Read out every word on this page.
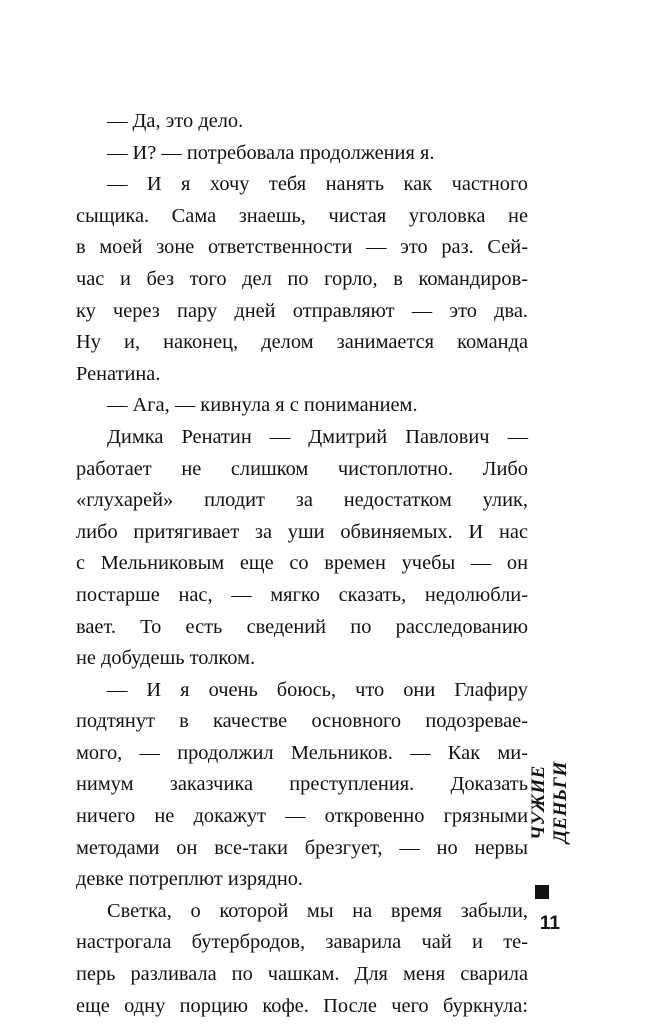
— Да, это дело.
— И? — потребовала продолжения я.
— И я хочу тебя нанять как частного
сыщика. Сама знаешь, чистая уголовка не
в моей зоне ответственности — это раз. Сей-
час и без того дел по горло, в командиров-
ку через пару дней отправляют — это два.
Ну и, наконец, делом занимается команда
Ренатина.
— Ага, — кивнула я с пониманием.
Димка Ренатин — Дмитрий Павлович —
работает не слишком чистоплотно. Либо
«глухарей» плодит за недостатком улик,
либо притягивает за уши обвиняемых. И нас
с Мельниковым еще со времен учебы — он
постарше нас, — мягко сказать, недолюбли-
вает. То есть сведений по расследованию
не добудешь толком.
— И я очень боюсь, что они Глафиру
подтянут в качестве основного подозревае-
мого, — продолжил Мельников. — Как ми-
нимум заказчика преступления. Доказать
ничего не докажут — откровенно грязными
методами он все-таки брезгует, — но нервы
девке потреплют изрядно.
Светка, о которой мы на время забыли,
настрогала бутербродов, заварила чай и те-
перь разливала по чашкам. Для меня сварила
еще одну порцию кофе. После чего буркнула:
ЧУЖИЕ ДЕНЬГИ
11
